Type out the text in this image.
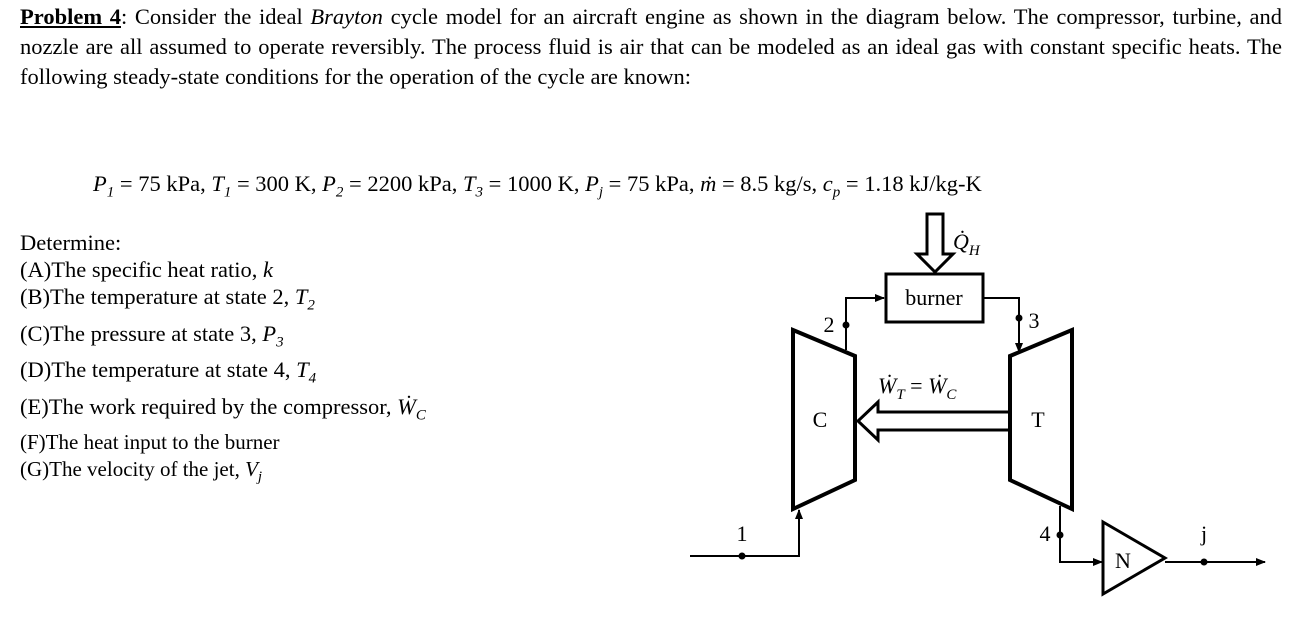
Problem 4: Consider the ideal Brayton cycle model for an aircraft engine as shown in the diagram below. The compressor, turbine, and nozzle are all assumed to operate reversibly. The process fluid is air that can be modeled as an ideal gas with constant specific heats. The following steady-state conditions for the operation of the cycle are known:

$P_1 = 75$ kPa, $T_1 = 300$ K, $P_2 = 2200$ kPa, $T_3 = 1000$ K, $P_j = 75$ kPa, ṁ = 8.5 kg/s, $c_p = 1.18$ kJ/kg-K
Determine:
(A)The specific heat ratio, k
(B)The temperature at state 2, $T_2$
(C)The pressure at state 3, $P_3$
(D)The temperature at state 4, $T_4$
(E)The work required by the compressor, Ẇ$_C$
(F)The heat input to the burner
(G)The velocity of the jet, $V_j$
$Q̇_H$
burner
C	T
Ẇ$_T$ = Ẇ$_C$
N
1
2	3
4	j
